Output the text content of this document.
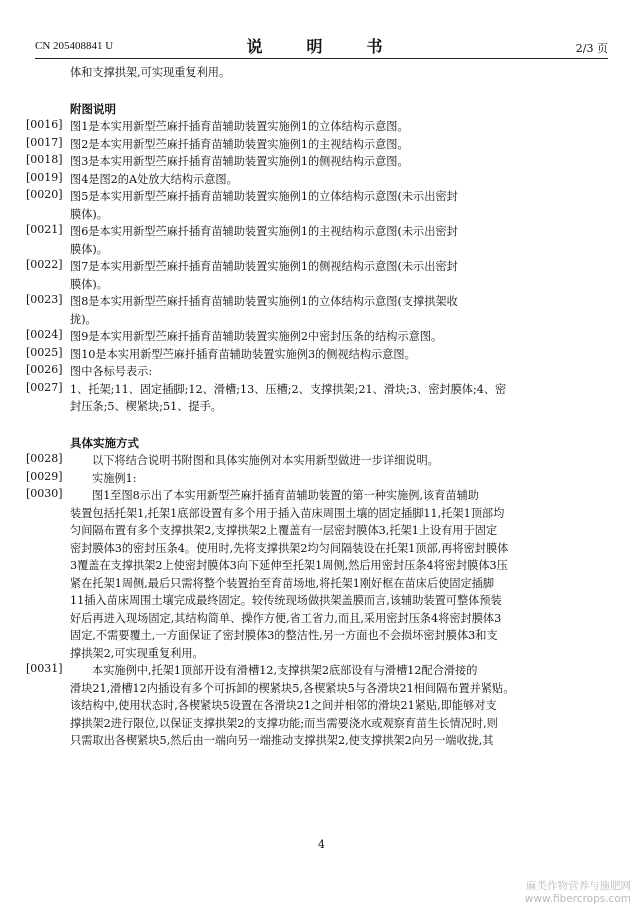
CN 205408841 U	说　明　书	2/3 页
体和支撑拱架,可实现重复利用。
附图说明
[0016] 图1是本实用新型苎麻扦插育苗辅助装置实施例1的立体结构示意图。
[0017] 图2是本实用新型苎麻扦插育苗辅助装置实施例1的主视结构示意图。
[0018] 图3是本实用新型苎麻扦插育苗辅助装置实施例1的侧视结构示意图。
[0019] 图4是图2的A处放大结构示意图。
[0020] 图5是本实用新型苎麻扦插育苗辅助装置实施例1的立体结构示意图(未示出密封
膜体)。
[0021] 图6是本实用新型苎麻扦插育苗辅助装置实施例1的主视结构示意图(未示出密封
膜体)。
[0022] 图7是本实用新型苎麻扦插育苗辅助装置实施例1的侧视结构示意图(未示出密封
膜体)。
[0023] 图8是本实用新型苎麻扦插育苗辅助装置实施例1的立体结构示意图(支撑拱架收
拢)。
[0024] 图9是本实用新型苎麻扦插育苗辅助装置实施例2中密封压条的结构示意图。
[0025] 图10是本实用新型苎麻扦插育苗辅助装置实施例3的侧视结构示意图。
[0026] 图中各标号表示:
[0027] 1、托架;11、固定插脚;12、滑槽;13、压槽;2、支撑拱架;21、滑块;3、密封膜体;4、密
封压条;5、楔紧块;51、提手。
具体实施方式
[0028]	以下将结合说明书附图和具体实施例对本实用新型做进一步详细说明。
[0029]	实施例1:
[0030]	图1至图8示出了本实用新型苎麻扦插育苗辅助装置的第一种实施例,该育苗辅助
装置包括托架1,托架1底部设置有多个用于插入苗床周围土壤的固定插脚11,托架1顶部均
匀间隔布置有多个支撑拱架2,支撑拱架2上覆盖有一层密封膜体3,托架1上设有用于固定
密封膜体3的密封压条4。使用时,先将支撑拱架2均匀间隔装设在托架1顶部,再将密封膜体
3覆盖在支撑拱架2上使密封膜体3向下延伸至托架1周侧,然后用密封压条4将密封膜体3压
紧在托架1周侧,最后只需将整个装置抬至育苗场地,将托架1刚好框在苗床后使固定插脚
11插入苗床周围土壤完成最终固定。较传统现场做拱架盖膜而言,该辅助装置可整体预装
好后再进入现场固定,其结构简单、操作方便,省工省力,而且,采用密封压条4将密封膜体3
固定,不需要覆土,一方面保证了密封膜体3的整洁性,另一方面也不会损坏密封膜体3和支
撑拱架2,可实现重复利用。
[0031]	本实施例中,托架1顶部开设有滑槽12,支撑拱架2底部设有与滑槽12配合滑接的
滑块21,滑槽12内插设有多个可拆卸的楔紧块5,各楔紧块5与各滑块21相间隔布置并紧贴。
该结构中,使用状态时,各楔紧块5设置在各滑块21之间并相邻的滑块21紧贴,即能够对支
撑拱架2进行限位,以保证支撑拱架2的支撑功能;而当需要浇水或观察育苗生长情况时,则
只需取出各楔紧块5,然后由一端向另一端推动支撑拱架2,使支撑拱架2向另一端收拢,其
4
麻类作物营养与施肥网
www.fibercrops.com
